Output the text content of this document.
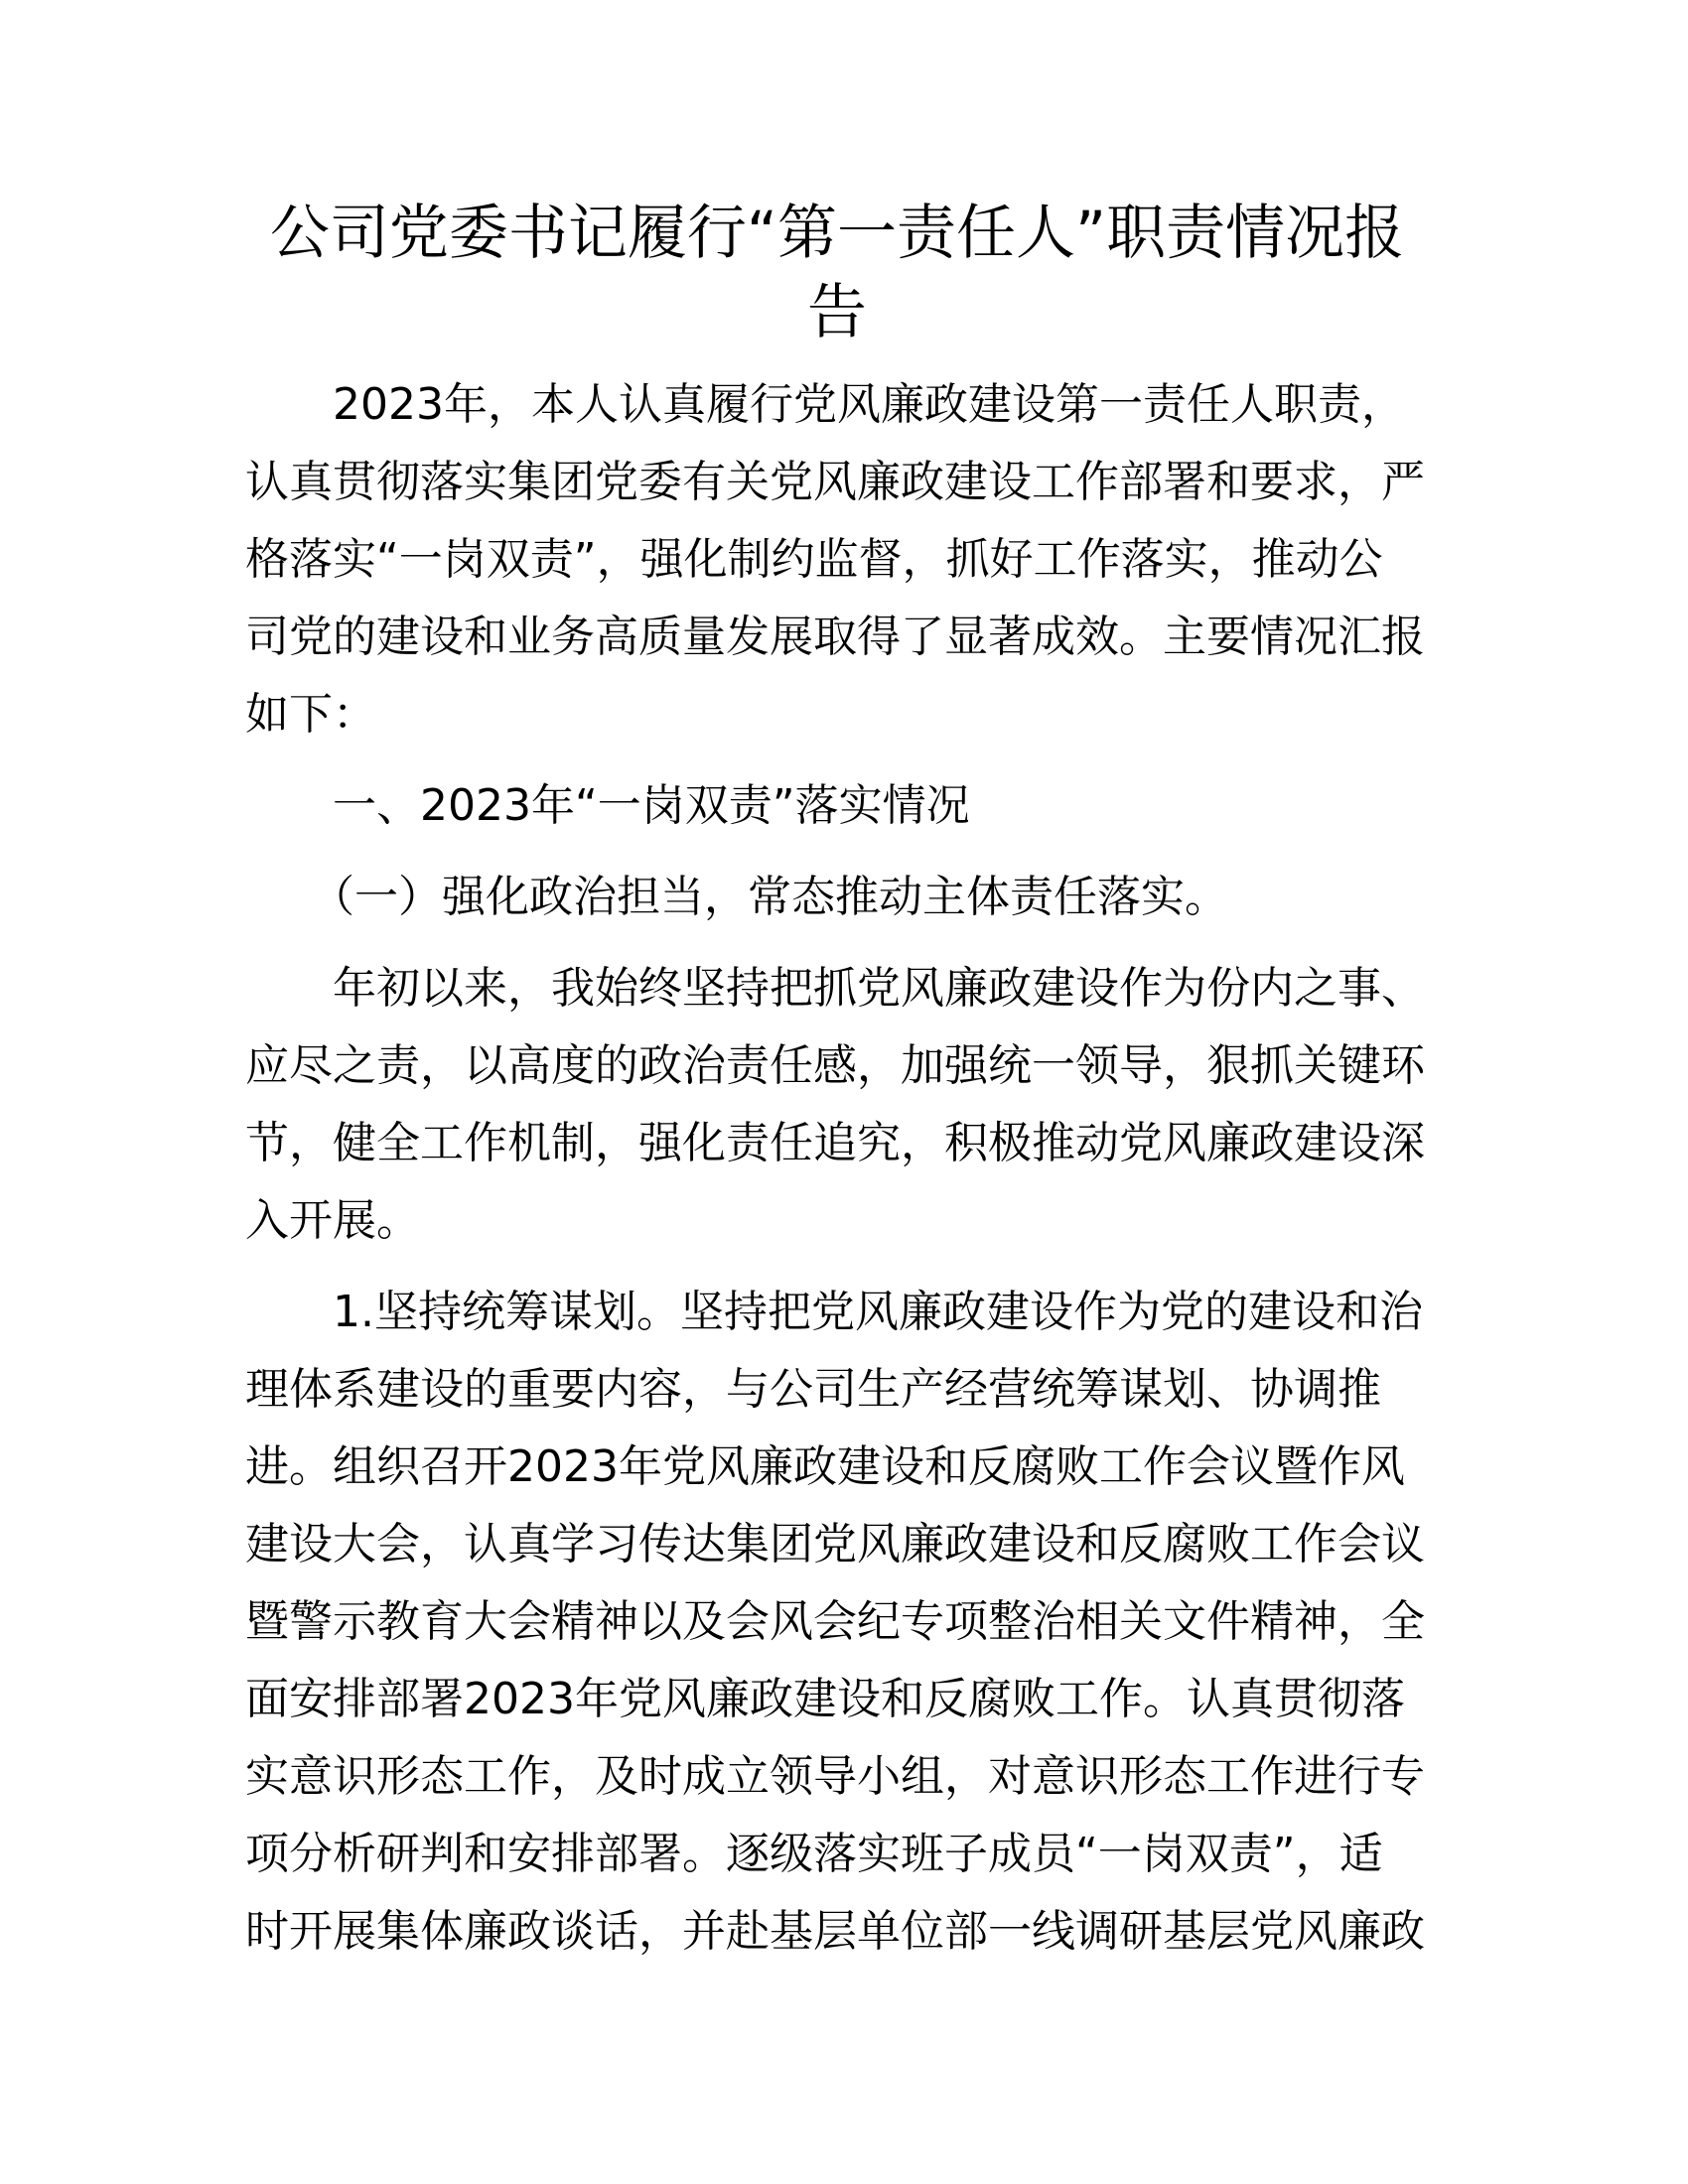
公司党委书记履行“第一责任人”职责情况报
告

2023年，本人认真履行党风廉政建设第一责任人职责，
认真贯彻落实集团党委有关党风廉政建设工作部署和要求，严
格落实“一岗双责”，强化制约监督，抓好工作落实，推动公
司党的建设和业务高质量发展取得了显著成效。主要情况汇报
如下：

一、2023年“一岗双责”落实情况

（一）强化政治担当，常态推动主体责任落实。

年初以来，我始终坚持把抓党风廉政建设作为份内之事、
应尽之责，以高度的政治责任感，加强统一领导，狠抓关键环
节，健全工作机制，强化责任追究，积极推动党风廉政建设深
入开展。

1.坚持统筹谋划。坚持把党风廉政建设作为党的建设和治
理体系建设的重要内容，与公司生产经营统筹谋划、协调推
进。组织召开2023年党风廉政建设和反腐败工作会议暨作风
建设大会，认真学习传达集团党风廉政建设和反腐败工作会议
暨警示教育大会精神以及会风会纪专项整治相关文件精神，全
面安排部署2023年党风廉政建设和反腐败工作。认真贯彻落
实意识形态工作，及时成立领导小组，对意识形态工作进行专
项分析研判和安排部署。逐级落实班子成员“一岗双责”，适
时开展集体廉政谈话，并赴基层单位部一线调研基层党风廉政
